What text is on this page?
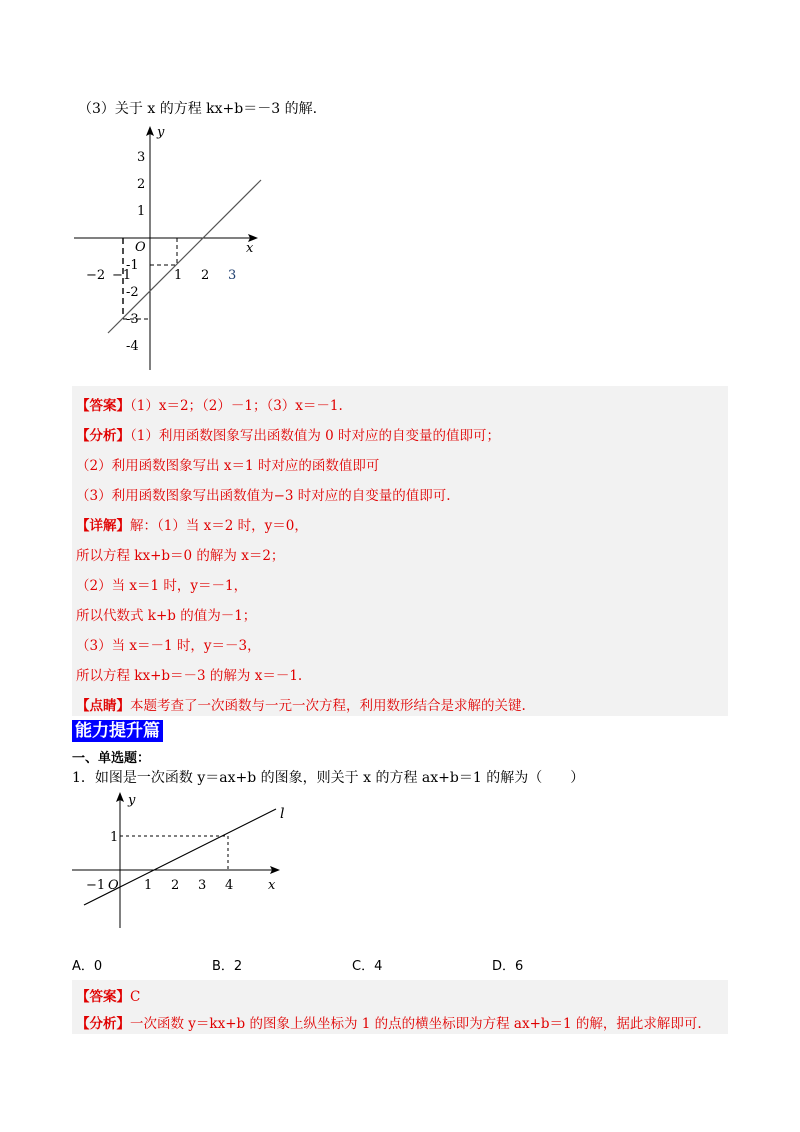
（3）关于 x 的方程 kx+b＝－3 的解.
y
x
O
3
2
1
-1
-2
-3
-4
−2 −1	1 2 3
【答案】（1）x＝2；（2）－1；（3）x＝－1.
【分析】（1）利用函数图象写出函数值为 0 时对应的自变量的值即可；
（2）利用函数图象写出 x＝1 时对应的函数值即可
（3）利用函数图象写出函数值为−3 时对应的自变量的值即可.
【详解】解：（1）当 x＝2 时，y＝0，
所以方程 kx+b＝0 的解为 x＝2；
（2）当 x＝1 时，y＝－1，
所以代数式 k+b 的值为－1；
（3）当 x＝－1 时，y＝－3，
所以方程 kx+b＝－3 的解为 x＝－1.
【点睛】本题考查了一次函数与一元一次方程，利用数形结合是求解的关键.
能力提升篇
一、单选题：
1．如图是一次函数 y＝ax+b 的图象，则关于 x 的方程 ax+b＝1 的解为（　　）
y
x
O
l
1
−1	1 2 3 4
A．0	B．2	C．4	D．6
【答案】C
【分析】一次函数 y＝kx+b 的图象上纵坐标为 1 的点的横坐标即为方程 ax+b＝1 的解，据此求解即可.
